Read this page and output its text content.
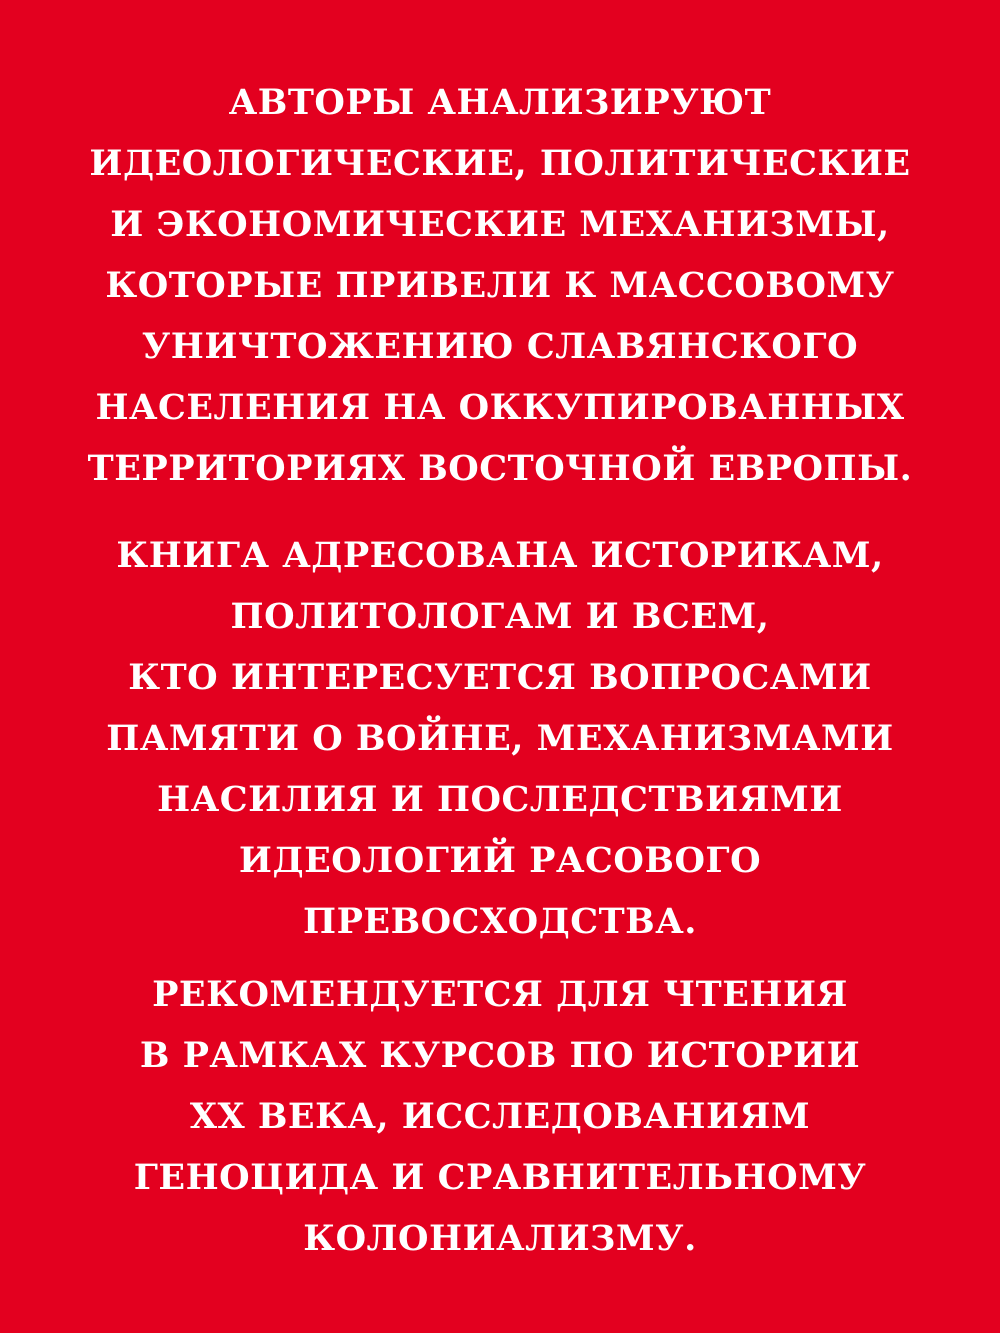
АВТОРЫ АНАЛИЗИРУЮТ
ИДЕОЛОГИЧЕСКИЕ, ПОЛИТИЧЕСКИЕ
И ЭКОНОМИЧЕСКИЕ МЕХАНИЗМЫ,
КОТОРЫЕ ПРИВЕЛИ К МАССОВОМУ
УНИЧТОЖЕНИЮ СЛАВЯНСКОГО
НАСЕЛЕНИЯ НА ОККУПИРОВАННЫХ
ТЕРРИТОРИЯХ ВОСТОЧНОЙ ЕВРОПЫ.
КНИГА АДРЕСОВАНА ИСТОРИКАМ,
ПОЛИТОЛОГАМ И ВСЕМ,
КТО ИНТЕРЕСУЕТСЯ ВОПРОСАМИ
ПАМЯТИ О ВОЙНЕ, МЕХАНИЗМАМИ
НАСИЛИЯ И ПОСЛЕДСТВИЯМИ
ИДЕОЛОГИЙ РАСОВОГО
ПРЕВОСХОДСТВА.
РЕКОМЕНДУЕТСЯ ДЛЯ ЧТЕНИЯ
В РАМКАХ КУРСОВ ПО ИСТОРИИ
XX ВЕКА, ИССЛЕДОВАНИЯМ
ГЕНОЦИДА И СРАВНИТЕЛЬНОМУ
КОЛОНИАЛИЗМУ.
